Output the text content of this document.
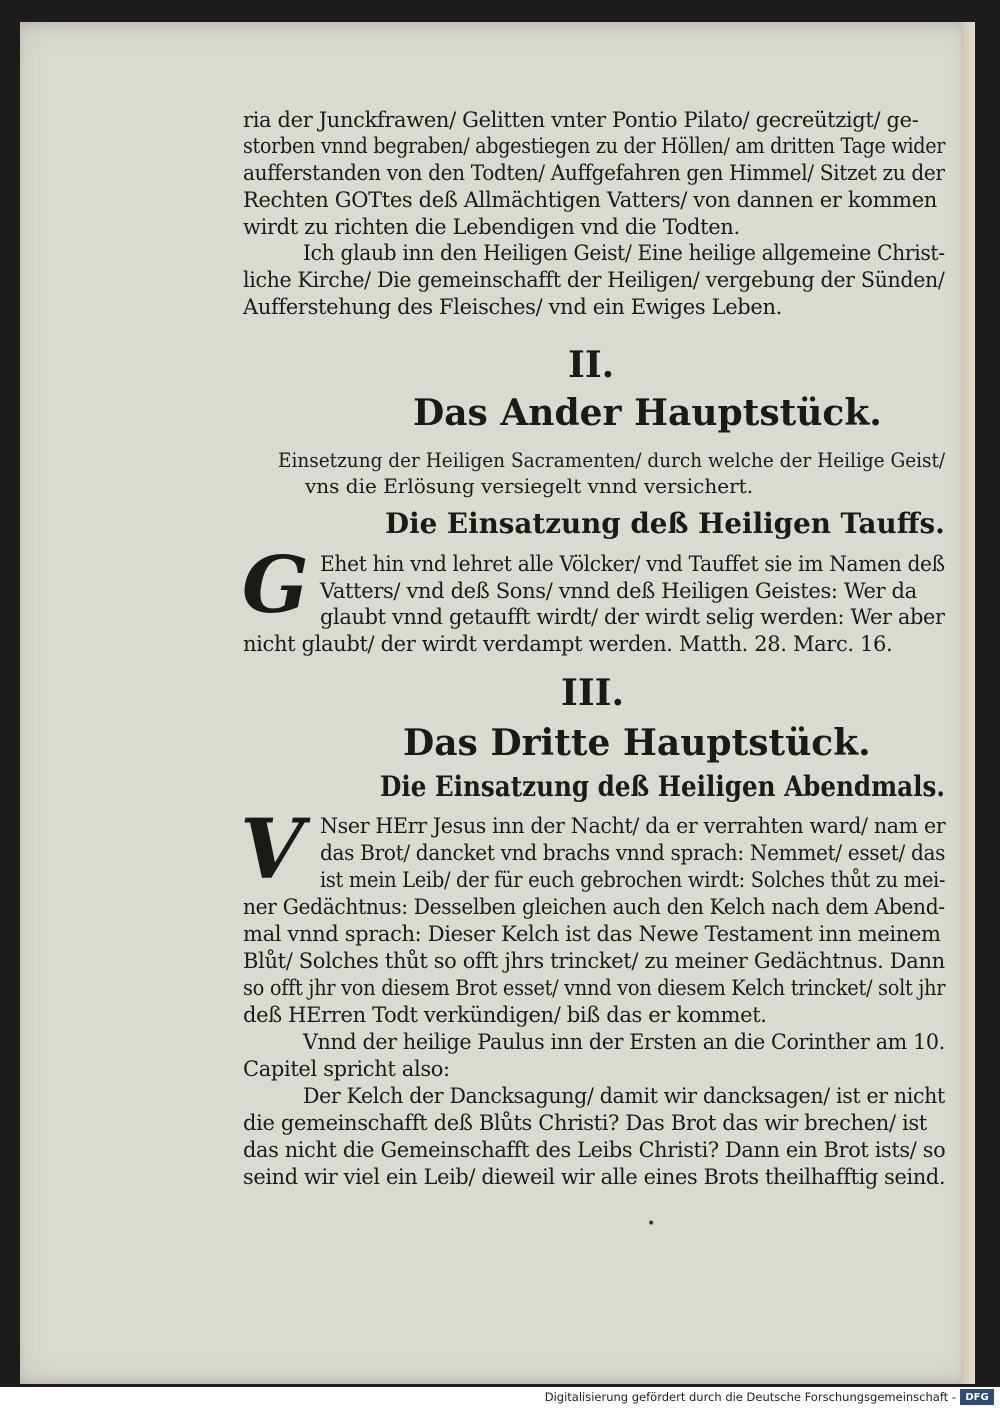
ria der Junckfrawen/ Gelitten vnter Pontio Pilato/ gecreützigt/ ge-
storben vnnd begraben/ abgestiegen zu der Höllen/ am dritten Tage wider
aufferstanden von den Todten/ Auffgefahren gen Himmel/ Sitzet zu der
Rechten GOTtes deß Allmächtigen Vatters/ von dannen er kommen
wirdt zu richten die Lebendigen vnd die Todten.
Ich glaub inn den Heiligen Geist/ Eine heilige allgemeine Christ-
liche Kirche/ Die gemeinschafft der Heiligen/ vergebung der Sünden/
Aufferstehung des Fleisches/ vnd ein Ewiges Leben.
II.
Das Ander Hauptstück.
Einsetzung der Heiligen Sacramenten/ durch welche der Heilige Geist/
vns die Erlösung versiegelt vnnd versichert.
Die Einsatzung deß Heiligen Tauffs.
G Ehet hin vnd lehret alle Völcker/ vnd Tauffet sie im Namen deß
Vatters/ vnd deß Sons/ vnnd deß Heiligen Geistes: Wer da
glaubt vnnd getaufft wirdt/ der wirdt selig werden: Wer aber
nicht glaubt/ der wirdt verdampt werden. Matth. 28. Marc. 16.
III.
Das Dritte Hauptstück.
Die Einsatzung deß Heiligen Abendmals.
V Nser HErr Jesus inn der Nacht/ da er verrahten ward/ nam er
das Brot/ dancket vnd brachs vnnd sprach: Nemmet/ esset/ das
ist mein Leib/ der für euch gebrochen wirdt: Solches thůt zu mei-
ner Gedächtnus: Desselben gleichen auch den Kelch nach dem Abend-
mal vnnd sprach: Dieser Kelch ist das Newe Testament inn meinem
Blůt/ Solches thůt so offt jhrs trincket/ zu meiner Gedächtnus. Dann
so offt jhr von diesem Brot esset/ vnnd von diesem Kelch trincket/ solt jhr
deß HErren Todt verkündigen/ biß das er kommet.
Vnnd der heilige Paulus inn der Ersten an die Corinther am 10.
Capitel spricht also:
Der Kelch der Dancksagung/ damit wir dancksagen/ ist er nicht
die gemeinschafft deß Blůts Christi? Das Brot das wir brechen/ ist
das nicht die Gemeinschafft des Leibs Christi? Dann ein Brot ists/ so
seind wir viel ein Leib/ dieweil wir alle eines Brots theilhafftig seind.
•
Digitalisierung gefördert durch die Deutsche Forschungsgemeinschaft - DFG
